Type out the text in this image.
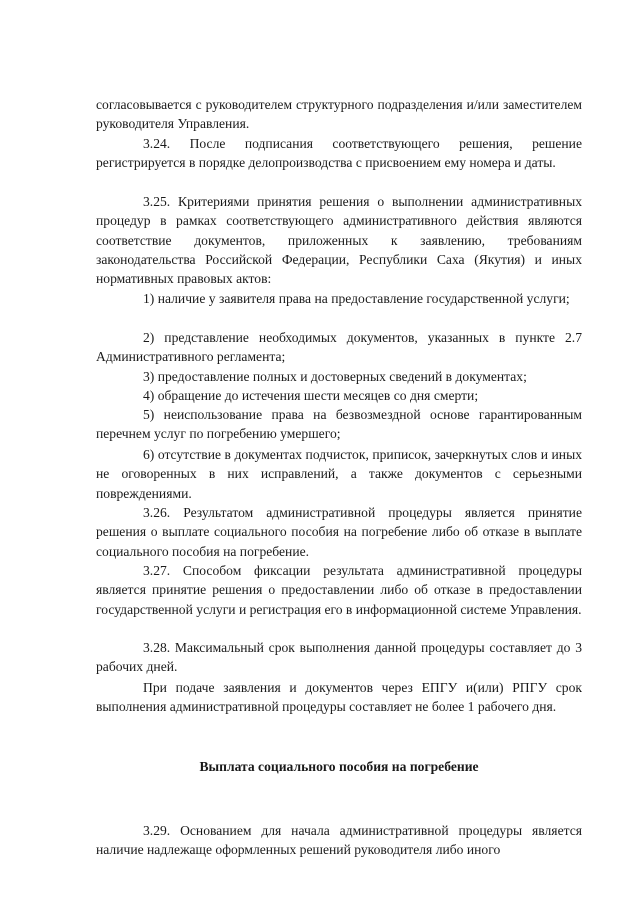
согласовывается с руководителем структурного подразделения и/или заместителем руководителя Управления.

3.24. После подписания соответствующего решения, решение регистрируется в порядке делопроизводства с присвоением ему номера и даты.

3.25. Критериями принятия решения о выполнении административных процедур в рамках соответствующего административного действия являются соответствие документов, приложенных к заявлению, требованиям законодательства Российской Федерации, Республики Саха (Якутия) и иных нормативных правовых актов:

1) наличие у заявителя права на предоставление государственной услуги;

2) представление необходимых документов, указанных в пункте 2.7 Административного регламента;

3) предоставление полных и достоверных сведений в документах;

4) обращение до истечения шести месяцев со дня смерти;

5) неиспользование права на безвозмездной основе гарантированным перечнем услуг по погребению умершего;

6) отсутствие в документах подчисток, приписок, зачеркнутых слов и иных не оговоренных в них исправлений, а также документов с серьезными повреждениями.

3.26. Результатом административной процедуры является принятие решения о выплате социального пособия на погребение либо об отказе в выплате социального пособия на погребение.

3.27. Способом фиксации результата административной процедуры является принятие решения о предоставлении либо об отказе в предоставлении государственной услуги и регистрация его в информационной системе Управления.

3.28. Максимальный срок выполнения данной процедуры составляет до 3 рабочих дней.

При подаче заявления и документов через ЕПГУ и(или) РПГУ срок выполнения административной процедуры составляет не более 1 рабочего дня.

Выплата социального пособия на погребение

3.29. Основанием для начала административной процедуры является наличие надлежаще оформленных решений руководителя либо иного
